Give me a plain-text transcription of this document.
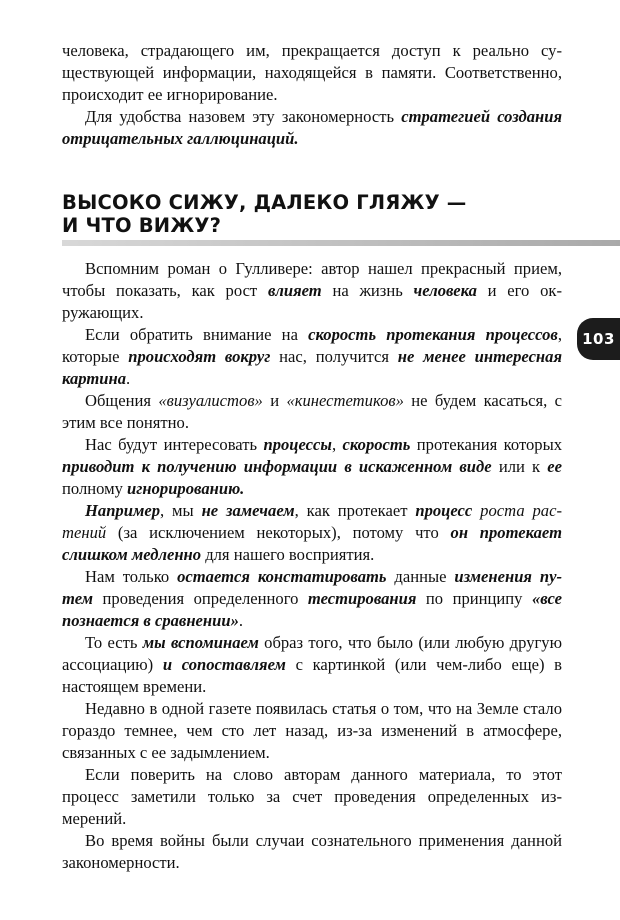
человека, страдающего им, прекращается доступ к реально существующей информации, находящейся в памяти. Соответственно, происходит ее игнорирование.

Для удобства назовем эту закономерность стратегией создания отрицательных галлюцинаций.

ВЫСОКО СИЖУ, ДАЛЕКО ГЛЯЖУ —
И ЧТО ВИЖУ?

Вспомним роман о Гулливере: автор нашел прекрасный прием, чтобы показать, как рост влияет на жизнь человека и его окружающих.

Если обратить внимание на скорость протекания процессов, которые происходят вокруг нас, получится не менее интересная картина.

Общения «визуалистов» и «кинестетиков» не будем касаться, с этим все понятно.

Нас будут интересовать процессы, скорость протекания которых приводит к получению информации в искаженном виде или к ее полному игнорированию.

Например, мы не замечаем, как протекает процесс роста растений (за исключением некоторых), потому что он протекает слишком медленно для нашего восприятия.

Нам только остается констатировать данные изменения путем проведения определенного тестирования по принципу «все познается в сравнении».

То есть мы вспоминаем образ того, что было (или любую другую ассоциацию) и сопоставляем с картинкой (или чем-либо еще) в настоящем времени.

Недавно в одной газете появилась статья о том, что на Земле стало гораздо темнее, чем сто лет назад, из-за изменений в атмосфере, связанных с ее задымлением.

Если поверить на слово авторам данного материала, то этот процесс заметили только за счет проведения определенных измерений.

Во время войны были случаи сознательного применения данной закономерности.

103
